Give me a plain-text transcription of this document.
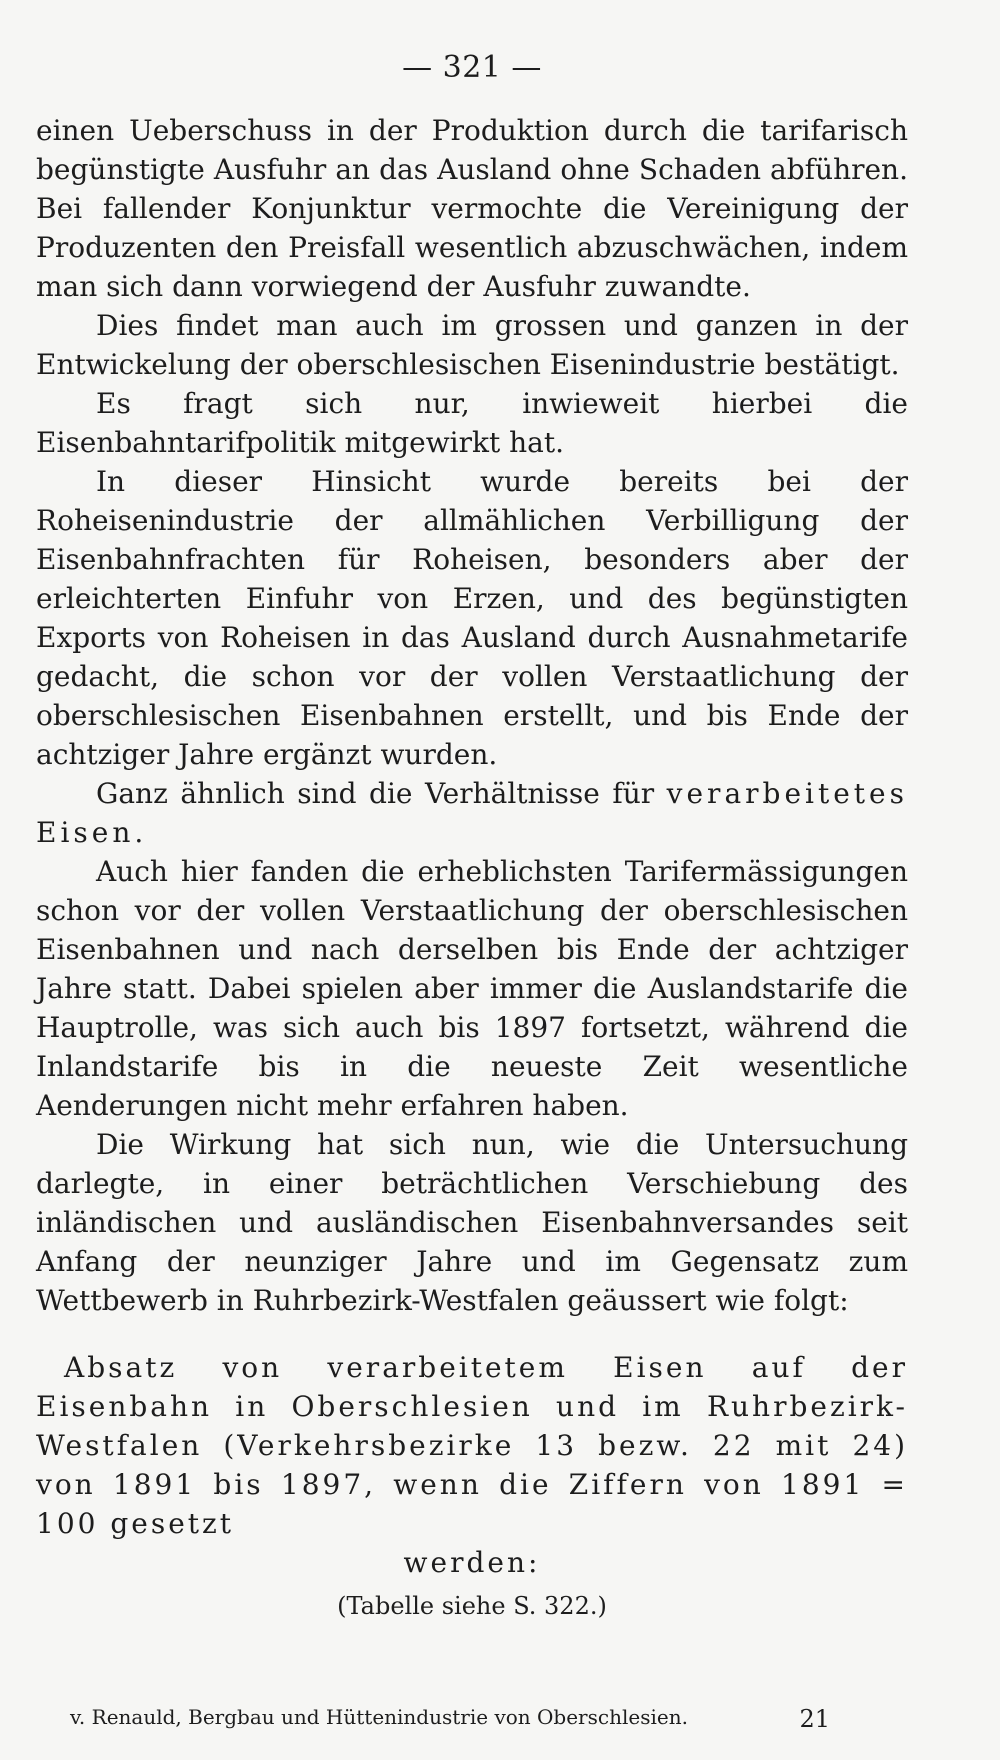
— 321 —

einen Ueberschuss in der Produktion durch die tarifarisch begünstigte Ausfuhr an das Ausland ohne Schaden abführen. Bei fallender Konjunktur vermochte die Vereinigung der Produzenten den Preisfall wesentlich abzuschwächen, indem man sich dann vorwiegend der Ausfuhr zuwandte.

Dies findet man auch im grossen und ganzen in der Entwickelung der oberschlesischen Eisenindustrie bestätigt.

Es fragt sich nur, inwieweit hierbei die Eisenbahntarifpolitik mitgewirkt hat.

In dieser Hinsicht wurde bereits bei der Roheisenindustrie der allmählichen Verbilligung der Eisenbahnfrachten für Roheisen, besonders aber der erleichterten Einfuhr von Erzen, und des begünstigten Exports von Roheisen in das Ausland durch Ausnahmetarife gedacht, die schon vor der vollen Verstaatlichung der oberschlesischen Eisenbahnen erstellt, und bis Ende der achtziger Jahre ergänzt wurden.

Ganz ähnlich sind die Verhältnisse für verarbeitetes Eisen.

Auch hier fanden die erheblichsten Tarifermässigungen schon vor der vollen Verstaatlichung der oberschlesischen Eisenbahnen und nach derselben bis Ende der achtziger Jahre statt. Dabei spielen aber immer die Auslandstarife die Hauptrolle, was sich auch bis 1897 fortsetzt, während die Inlandstarife bis in die neueste Zeit wesentliche Aenderungen nicht mehr erfahren haben.

Die Wirkung hat sich nun, wie die Untersuchung darlegte, in einer beträchtlichen Verschiebung des inländischen und ausländischen Eisenbahnversandes seit Anfang der neunziger Jahre und im Gegensatz zum Wettbewerb in Ruhrbezirk-Westfalen geäussert wie folgt:

Absatz von verarbeitetem Eisen auf der Eisenbahn in Oberschlesien und im Ruhrbezirk-Westfalen (Verkehrsbezirke 13 bezw. 22 mit 24) von 1891 bis 1897, wenn die Ziffern von 1891 = 100 gesetzt

werden:

(Tabelle siehe S. 322.)

v. Renauld, Bergbau und Hüttenindustrie von Oberschlesien.	21
